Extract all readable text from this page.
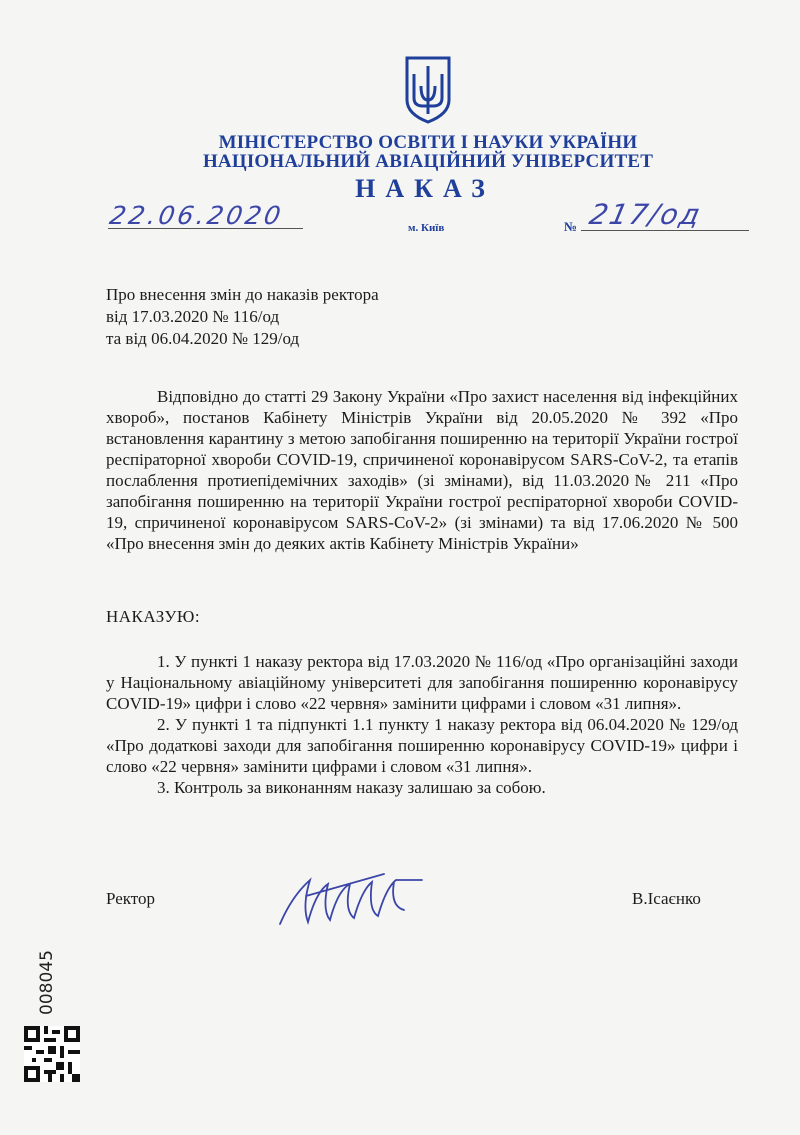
МІНІСТЕРСТВО ОСВІТИ І НАУКИ УКРАЇНИ
НАЦІОНАЛЬНИЙ АВІАЦІЙНИЙ УНІВЕРСИТЕТ
НАКАЗ
22.06.2020	м. Київ	№ 217/од
Про внесення змін до наказів ректора
від 17.03.2020 № 116/од
та від 06.04.2020 № 129/од
Відповідно до статті 29 Закону України «Про захист населення від інфекційних хвороб», постанов Кабінету Міністрів України від 20.05.2020 № 392 «Про встановлення карантину з метою запобігання поширенню на території України гострої респіраторної хвороби COVID-19, спричиненої коронавірусом SARS-CoV-2, та етапів послаблення протиепідемічних заходів» (зі змінами), від 11.03.2020№ 211 «Про запобігання поширенню на території України гострої респіраторної хвороби COVID-19, спричиненої коронавірусом SARS-CoV-2» (зі змінами) та від 17.06.2020 № 500 «Про внесення змін до деяких актів Кабінету Міністрів України»
НАКАЗУЮ:

1. У пункті 1 наказу ректора від 17.03.2020 № 116/од «Про організаційні заходи у Національному авіаційному університеті для запобігання поширенню коронавірусу COVID-19» цифри і слово «22 червня» замінити цифрами і словом «31 липня».

2. У пункті 1 та підпункті 1.1 пункту 1 наказу ректора від 06.04.2020 № 129/од «Про додаткові заходи для запобігання поширенню коронавірусу COVID-19» цифри і слово «22 червня» замінити цифрами і словом «31 липня».

3. Контроль за виконанням наказу залишаю за собою.

Ректор	В.Ісаєнко
008045
